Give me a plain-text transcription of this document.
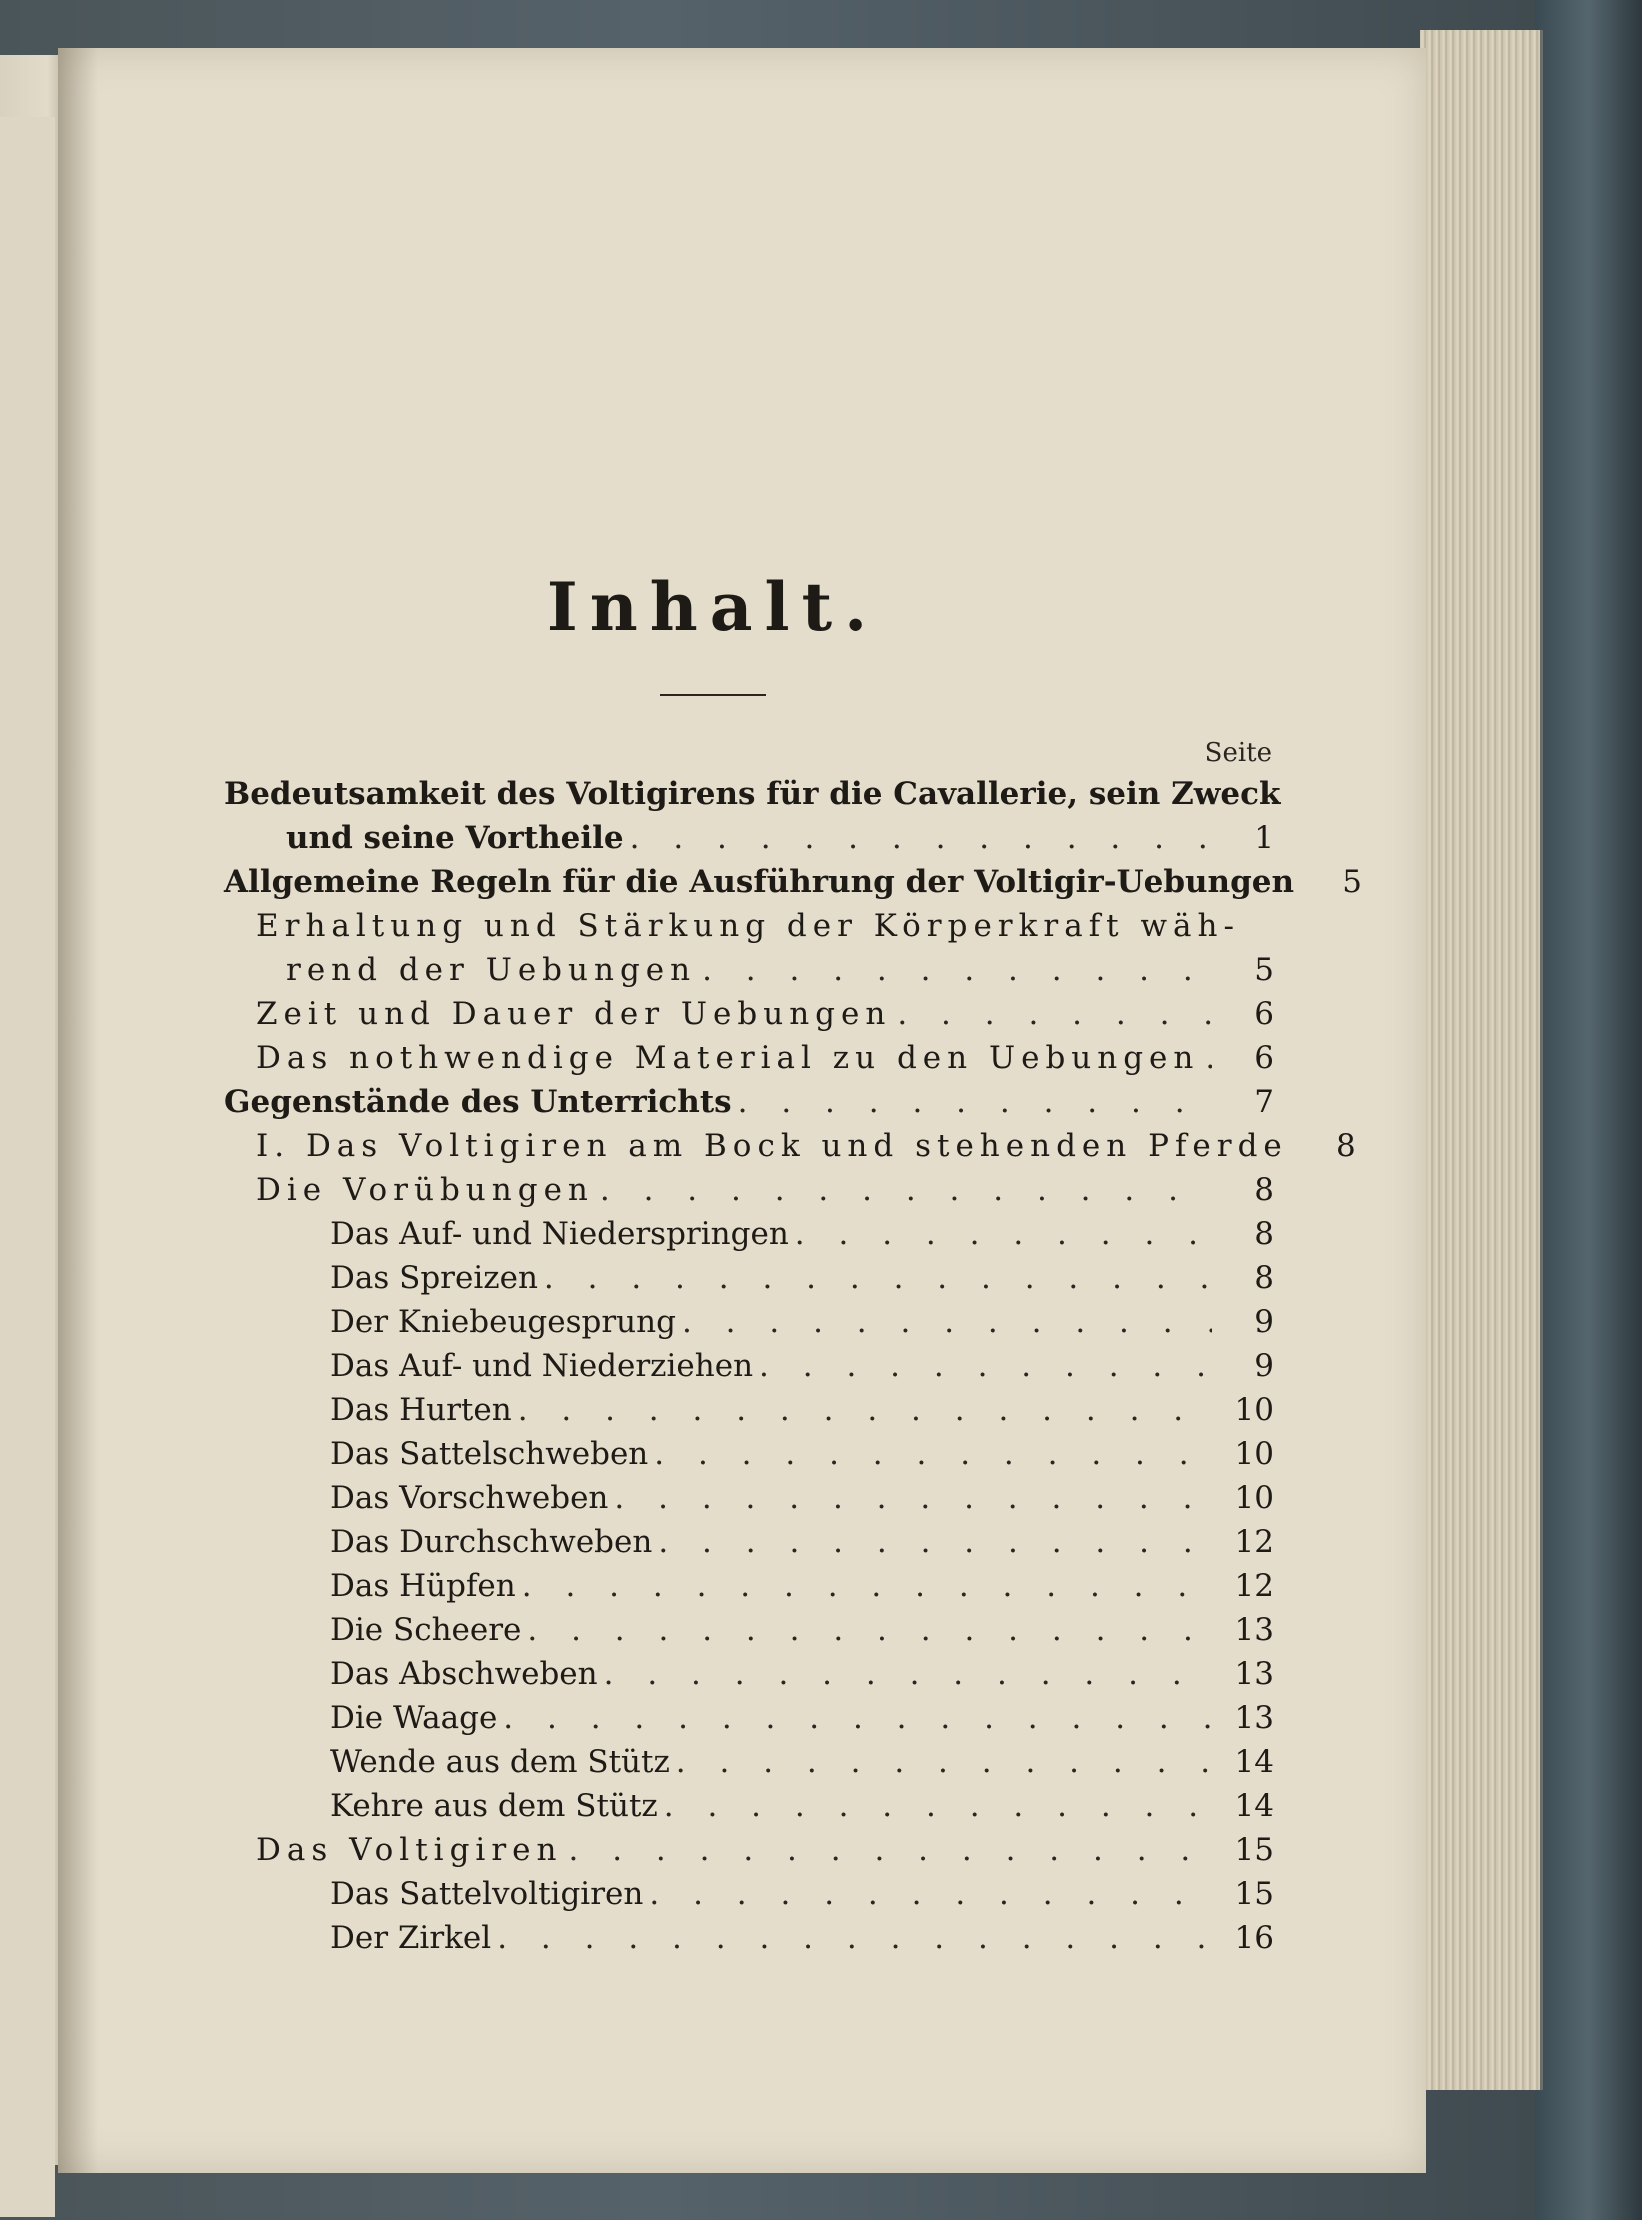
Inhalt.
Seite
Bedeutsamkeit des Voltigirens für die Cavallerie, sein Zweck
und seine Vortheile . . .	1
Allgemeine Regeln für die Ausführung der Voltigir-Uebungen	5
Erhaltung und Stärkung der Körperkraft wäh-
rend der Uebungen . . .	5
Zeit und Dauer der Uebungen . . .	6
Das nothwendige Material zu den Uebungen . . .	6
Gegenstände des Unterrichts . . .	7
I. Das Voltigiren am Bock und stehenden Pferde	8
Die Vorübungen . . .	8
Das Auf- und Niederspringen . . .	8
Das Spreizen . . .	8
Der Kniebeugesprung . . .	9
Das Auf- und Niederziehen . . .	9
Das Hurten . . .	10
Das Sattelschweben . . .	10
Das Vorschweben . . .	10
Das Durchschweben . . .	12
Das Hüpfen . . .	12
Die Scheere . . .	13
Das Abschweben . . .	13
Die Waage . . .	13
Wende aus dem Stütz . . .	14
Kehre aus dem Stütz . . .	14
Das Voltigiren . . .	15
Das Sattelvoltigiren . . .	15
Der Zirkel . . .	16
